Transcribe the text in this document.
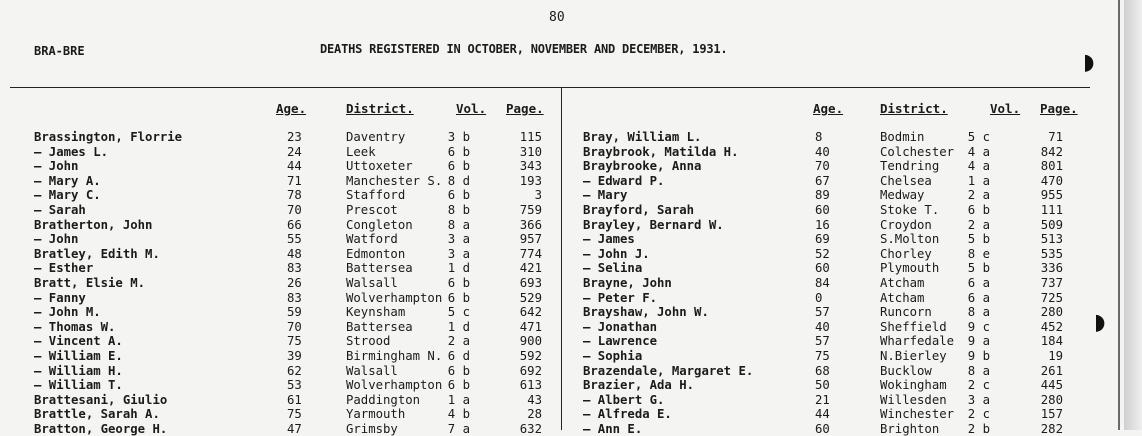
◗
◗
80
BRA-BRE	DEATHS REGISTERED IN OCTOBER, NOVEMBER AND DECEMBER, 1931.
Age.	District.	Vol. Page.	Age.	District.	Vol. Page.
Brassington, Florrie	23	Daventry	3 b	115
— James L.	24	Leek	6 b	310
— John	44	Uttoxeter	6 b	343
— Mary A.	71	Manchester S. 8 d	193
— Mary C.	78	Stafford	6 b	3
— Sarah	70	Prescot	8 b	759
Bratherton, John	66	Congleton	8 a	366
— John	55	Watford	3 a	957
Bratley, Edith M.	48	Edmonton	3 a	774
— Esther	83	Battersea	1 d	421
Bratt, Elsie M.	26	Walsall	6 b	693
— Fanny	83	Wolverhampton 6 b	529
— John M.	59	Keynsham	5 c	642
— Thomas W.	70	Battersea	1 d	471
— Vincent A.	75	Strood	2 a	900
— William E.	39	Birmingham N. 6 d	592
— William H.	62	Walsall	6 b	692
— William T.	53	Wolverhampton 6 b	613
Brattesani, Giulio	61	Paddington	1 a	43
Brattle, Sarah A.	75	Yarmouth	4 b	28
Bratton, George H.	47	Grimsby	7 a	632
Bray, William L.	8	Bodmin	5 c	71
Braybrook, Matilda H.	40	Colchester	4 a	842
Braybrooke, Anna	70	Tendring	4 a	801
— Edward P.	67	Chelsea	1 a	470
— Mary	89	Medway	2 a	955
Brayford, Sarah	60	Stoke T.	6 b	111
Brayley, Bernard W.	16	Croydon	2 a	509
— James	69	S.Molton	5 b	513
— John J.	52	Chorley	8 e	535
— Selina	60	Plymouth	5 b	336
Brayne, John	84	Atcham	6 a	737
— Peter F.	0	Atcham	6 a	725
Brayshaw, John W.	57	Runcorn	8 a	280
— Jonathan	40	Sheffield	9 c	452
— Lawrence	57	Wharfedale	9 a	184
— Sophia	75	N.Bierley	9 b	19
Brazendale, Margaret E.	68	Bucklow	8 a	261
Brazier, Ada H.	50	Wokingham	2 c	445
— Albert G.	21	Willesden	3 a	280
— Alfreda E.	44	Winchester	2 c	157
— Ann E.	60	Brighton	2 b	282
